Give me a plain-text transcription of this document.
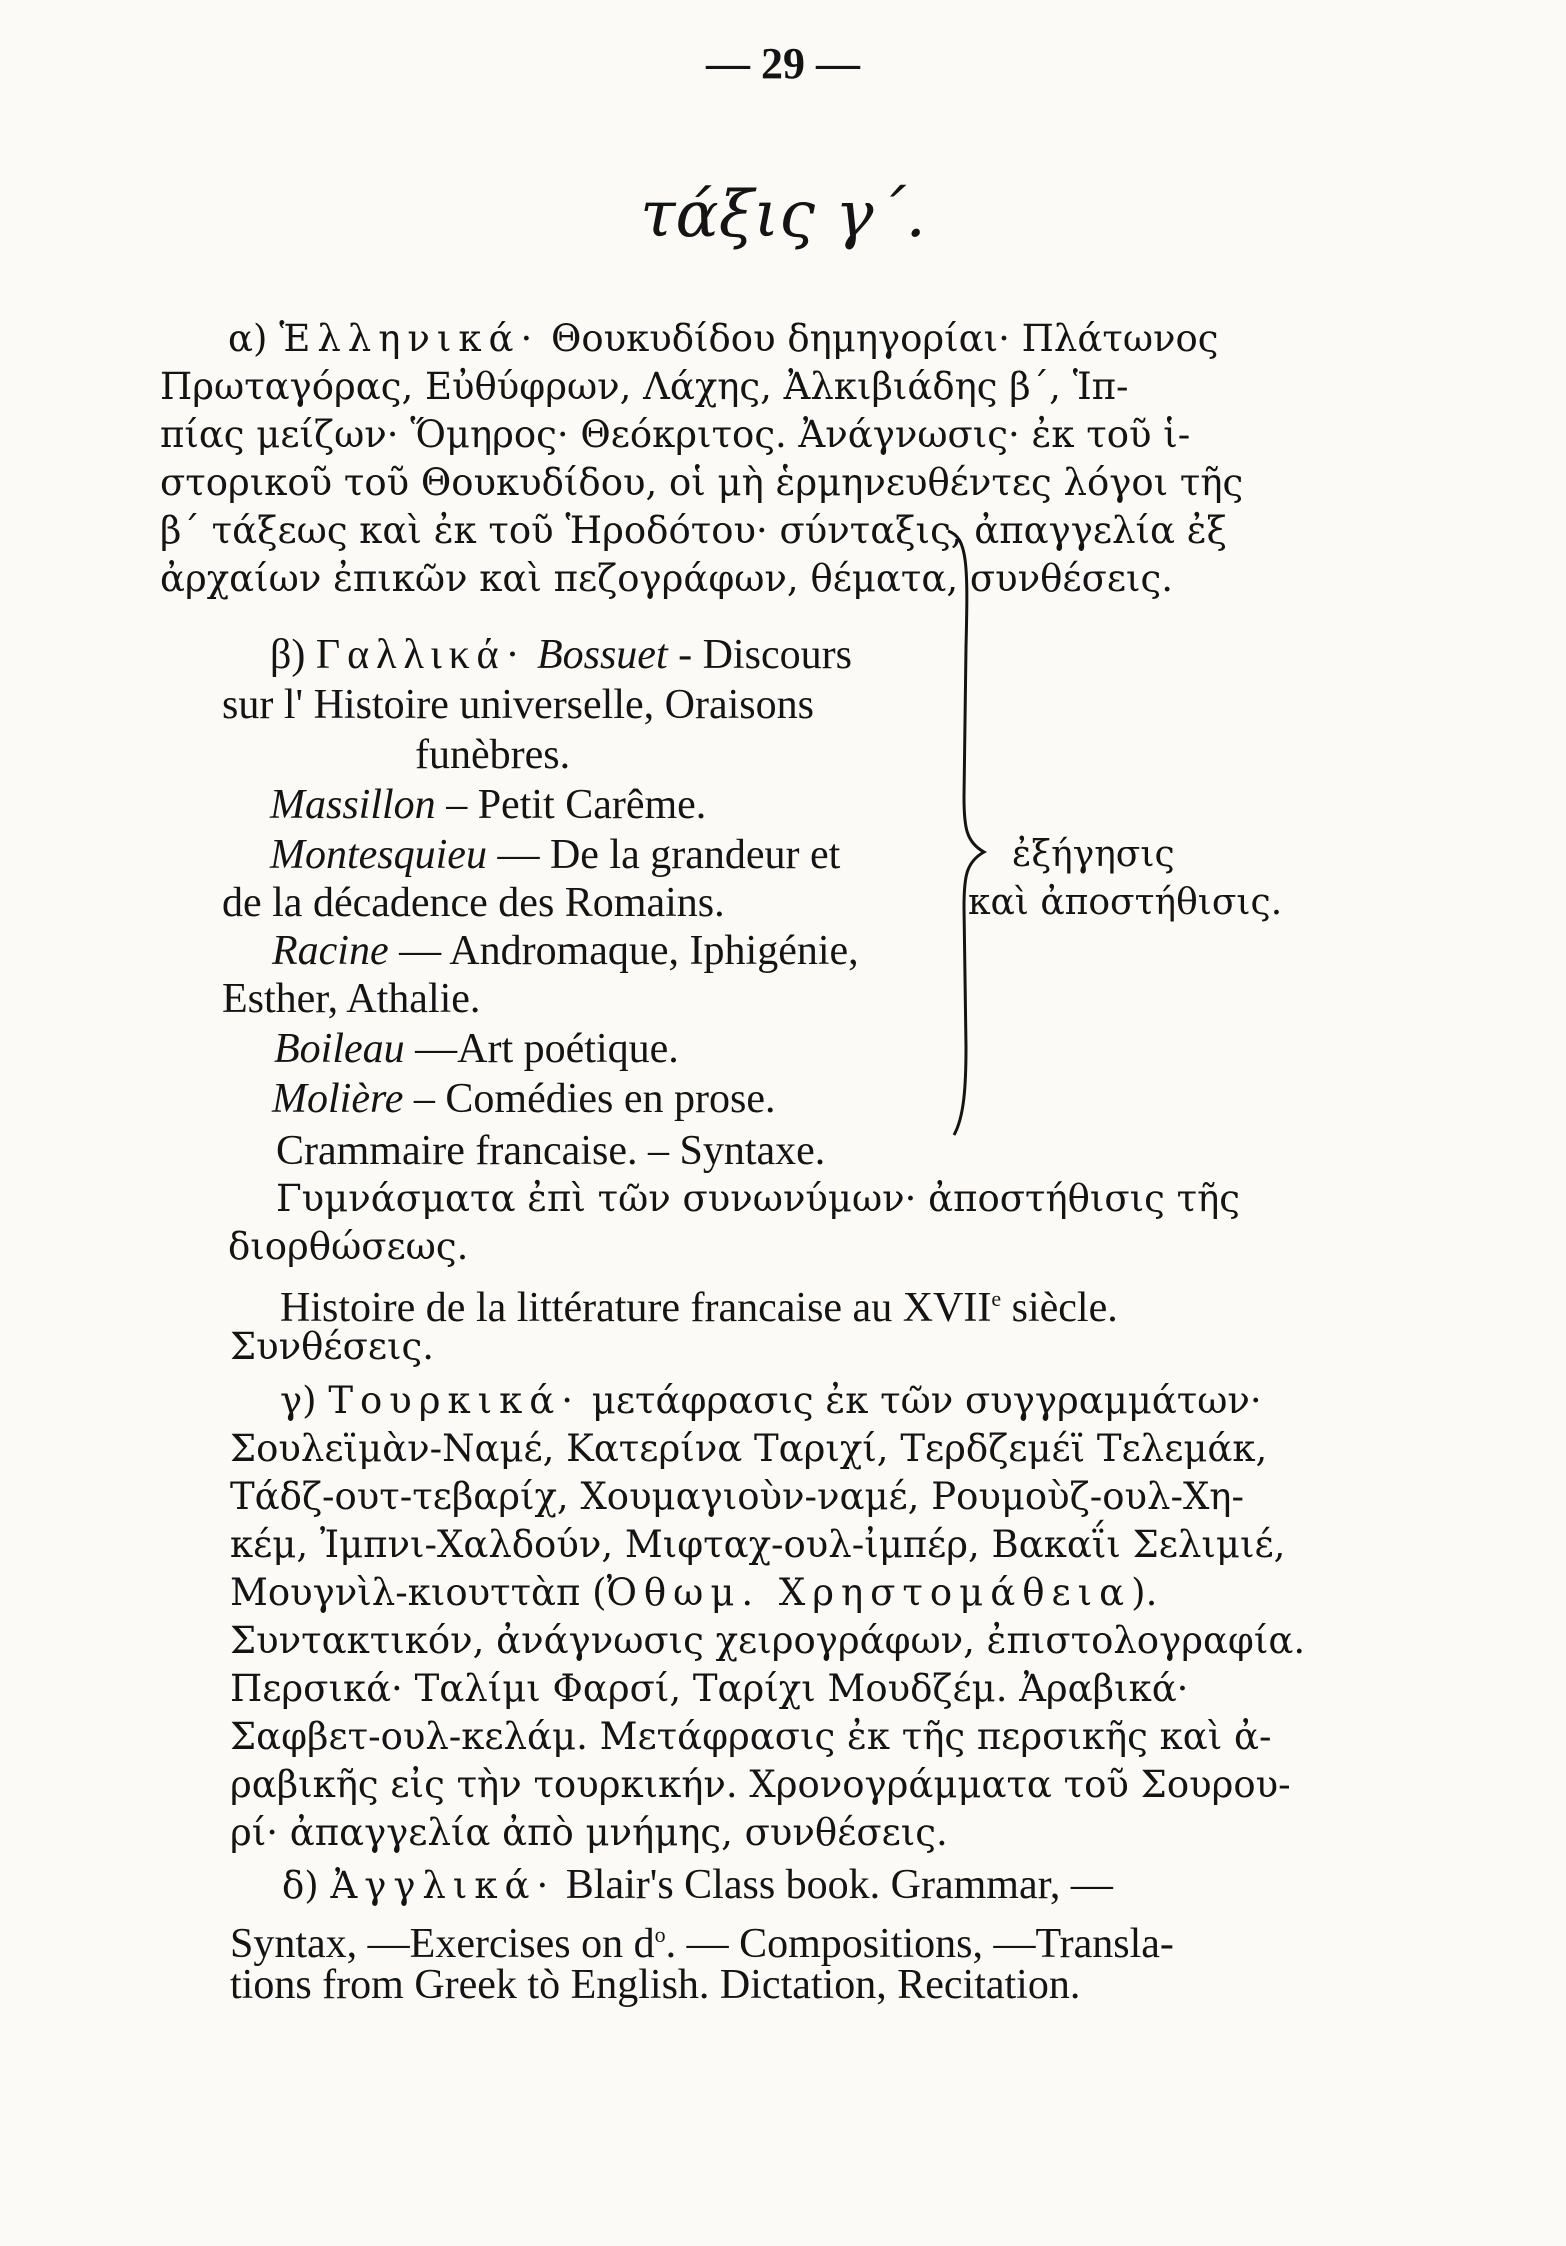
— 29 —
τάξις γ΄.
α) Ἑλληνικά· Θουκυδίδου δημηγορίαι· Πλάτωνος
Πρωταγόρας, Εὐθύφρων, Λάχης, Ἀλκιβιάδης β΄, Ἱπ-
πίας μείζων· Ὅμηρος· Θεόκριτος. Ἀνάγνωσις· ἐκ τοῦ ἱ-
στορικοῦ τοῦ Θουκυδίδου, οἱ μὴ ἑρμηνευθέντες λόγοι τῆς
β΄ τάξεως καὶ ἐκ τοῦ Ἡροδότου· σύνταξις, ἀπαγγελία ἐξ
ἀρχαίων ἐπικῶν καὶ πεζογράφων, θέματα, συνθέσεις.
β) Γαλλικά· Bossuet - Discours
sur l' Histoire universelle, Oraisons
funèbres.
Massillon – Petit Carême.
Montesquieu — De la grandeur et
de la décadence des Romains.
Racine — Andromaque, Iphigénie,
Esther, Athalie.
Boileau —Art poétique.
Molière – Comédies en prose.
Crammaire francaise. – Syntaxe.
ἐξήγησις
καὶ ἀποστήθισις.
Γυμνάσματα ἐπὶ τῶν συνωνύμων· ἀποστήθισις τῆς
διορθώσεως.
Histoire de la littérature francaise au XVIIe siècle.
Συνθέσεις.
γ) Τουρκικά· μετάφρασις ἐκ τῶν συγγραμμάτων·
Σουλεϊμὰν-Ναμέ, Κατερίνα Ταριχί, Τερδζεμέϊ Τελεμάκ,
Τάδζ-ουτ-τεβαρίχ, Χουμαγιοὺν-ναμέ, Ρουμοὺζ-ουλ-Χη-
κέμ, Ἰμπνι-Χαλδούν, Μιφταχ-ουλ-ἰμπέρ, Βακαΐι Σελιμιέ,
Μουγνὶλ-κιουττὰπ (Ὀθωμ. Χρηστομάθεια).
Συντακτικόν, ἀνάγνωσις χειρογράφων, ἐπιστολογραφία.
Περσικά· Ταλίμι Φαρσί, Ταρίχι Μουδζέμ. Ἀραβικά·
Σαφβετ-ουλ-κελάμ. Μετάφρασις ἐκ τῆς περσικῆς καὶ ἀ-
ραβικῆς εἰς τὴν τουρκικήν. Χρονογράμματα τοῦ Σουρου-
ρί· ἀπαγγελία ἀπὸ μνήμης, συνθέσεις.
δ) Ἀγγλικά· Blair's Class book. Grammar, —
Syntax, —Exercises on $d^o$. — Compositions, —Transla-
tions from Greek tò English. Dictation, Recitation.
